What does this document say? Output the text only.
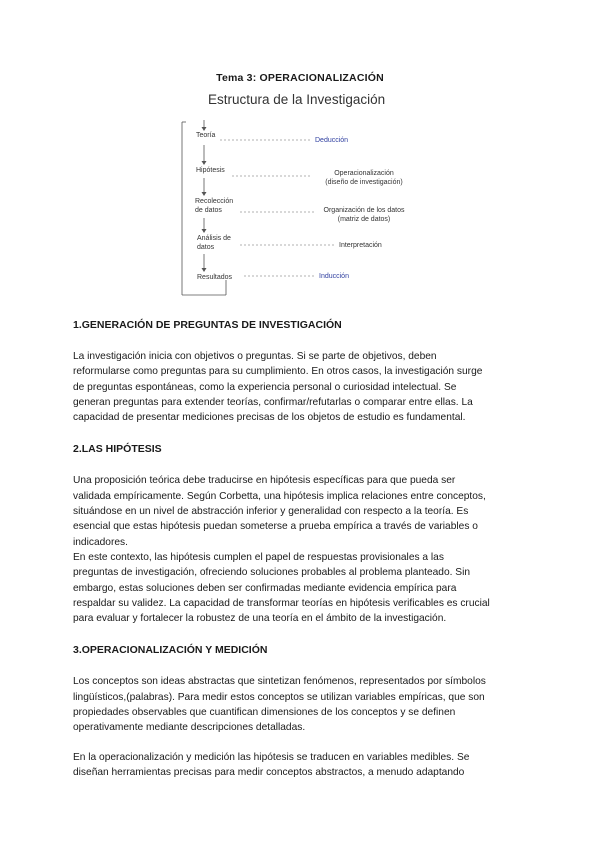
Tema 3: OPERACIONALIZACIÓN
Estructura de la Investigación
Teoría
Hipótesis
Recolección
de datos
Análisis de
datos
Resultados
Deducción
Operacionalización
(diseño de investigación)
Organización de los datos
(matriz de datos)
Interpretación
Inducción
1.GENERACIÓN DE PREGUNTAS DE INVESTIGACIÓN

La investigación inicia con objetivos o preguntas. Si se parte de objetivos, deben
reformularse como preguntas para su cumplimiento. En otros casos, la investigación surge
de preguntas espontáneas, como la experiencia personal o curiosidad intelectual. Se
generan preguntas para extender teorías, confirmar/refutarlas o comparar entre ellas. La
capacidad de presentar mediciones precisas de los objetos de estudio es fundamental.

2.LAS HIPÓTESIS

Una proposición teórica debe traducirse en hipótesis específicas para que pueda ser
validada empíricamente. Según Corbetta, una hipótesis implica relaciones entre conceptos,
situándose en un nivel de abstracción inferior y generalidad con respecto a la teoría. Es
esencial que estas hipótesis puedan someterse a prueba empírica a través de variables o
indicadores.
En este contexto, las hipótesis cumplen el papel de respuestas provisionales a las
preguntas de investigación, ofreciendo soluciones probables al problema planteado. Sin
embargo, estas soluciones deben ser confirmadas mediante evidencia empírica para
respaldar su validez. La capacidad de transformar teorías en hipótesis verificables es crucial
para evaluar y fortalecer la robustez de una teoría en el ámbito de la investigación.

3.OPERACIONALIZACIÓN Y MEDICIÓN

Los conceptos son ideas abstractas que sintetizan fenómenos, representados por símbolos
lingüísticos,(palabras). Para medir estos conceptos se utilizan variables empíricas, que son
propiedades observables que cuantifican dimensiones de los conceptos y se definen
operativamente mediante descripciones detalladas.

En la operacionalización y medición las hipótesis se traducen en variables medibles. Se
diseñan herramientas precisas para medir conceptos abstractos, a menudo adaptando
